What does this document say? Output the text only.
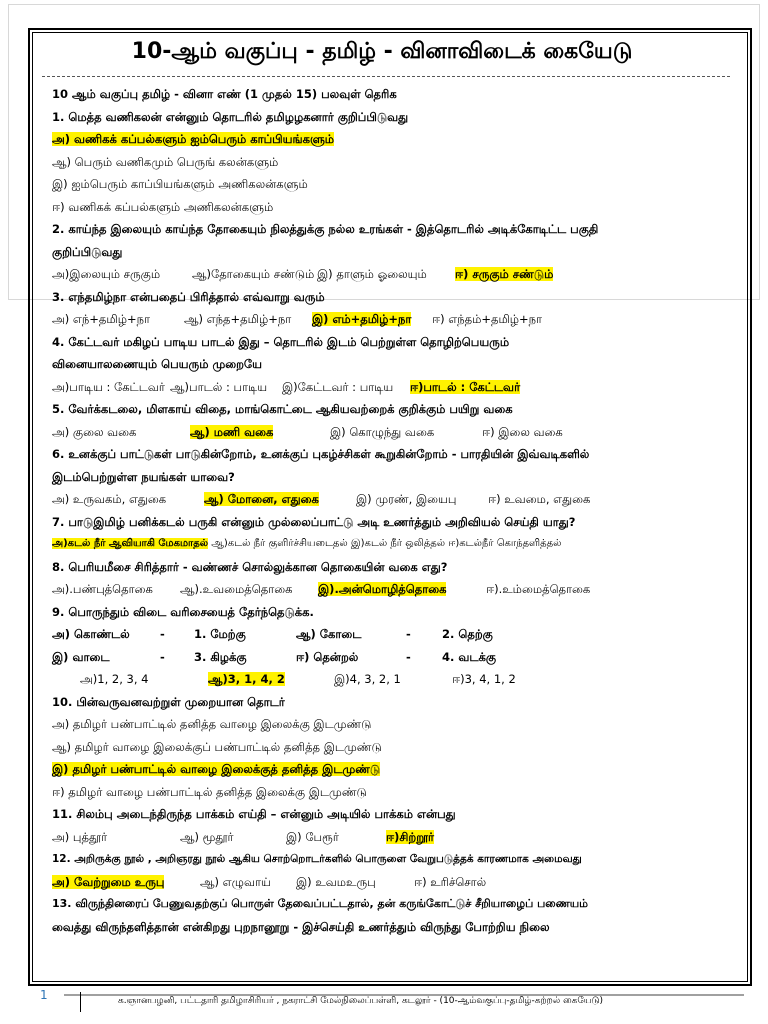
10-ஆம் வகுப்பு - தமிழ் - வினாவிடைக் கையேடு
10 ஆம் வகுப்பு தமிழ் - வினா எண் (1 முதல் 15) பலவுள் தெரிக
1. மெத்த வணிகலன் என்னும் தொடரில் தமிழழகனார் குறிப்பிடுவது
அ) வணிகக் கப்பல்களும் ஐம்பெரும் காப்பியங்களும்
ஆ) பெரும் வணிகமும் பெருங் கலன்களும்
இ) ஐம்பெரும் காப்பியங்களும் அணிகலன்களும்
ஈ) வணிகக் கப்பல்களும் அணிகலன்களும்
2. காய்ந்த இலையும் காய்ந்த தோகையும் நிலத்துக்கு நல்ல உரங்கள் - இத்தொடரில் அடிக்கோடிட்ட பகுதி
குறிப்பிடுவது
அ)இலையும் சருகும்	ஆ)தோகையும் சண்டும் இ) தாளும் ஓலையும் ஈ) சருகும் சண்டும்
3. எந்தமிழ்நா என்பதைப் பிரித்தால் எவ்வாறு வரும்
அ) எந்+தமிழ்+நா	ஆ) எந்த+தமிழ்+நா இ) எம்+தமிழ்+நா ஈ) எந்தம்+தமிழ்+நா
4. கேட்டவர் மகிழப் பாடிய பாடல் இது – தொடரில் இடம் பெற்றுள்ள தொழிற்பெயரும்
வினையாலணையும் பெயரும் முறையே
அ)பாடிய : கேட்டவர் ஆ)பாடல் : பாடிய இ)கேட்டவர் : பாடிய ஈ)பாடல் : கேட்டவர்
5. வேர்க்கடலை, மிளகாய் விதை, மாங்கொட்டை ஆகியவற்றைக் குறிக்கும் பயிறு வகை
அ) குலை வகை	ஆ) மணி வகை	இ) கொழுந்து வகை	ஈ) இலை வகை
6. உனக்குப் பாட்டுகள் பாடுகின்றோம், உனக்குப் புகழ்ச்சிகள் கூறுகின்றோம் - பாரதியின் இவ்வடிகளில்
இடம்பெற்றுள்ள நயங்கள் யாவை?
அ) உருவகம், எதுகை	ஆ) மோனை, எதுகை	இ) முரண், இயைபு	ஈ) உவமை, எதுகை
7. பாடுஇமிழ் பனிக்கடல் பருகி என்னும் முல்லைப்பாட்டு அடி உணர்த்தும் அறிவியல் செய்தி யாது?
அ)கடல் நீர் ஆவியாகி மேகமாதல் ஆ)கடல் நீர் குளிர்ச்சியடைதல் இ)கடல் நீர் ஒலித்தல் ஈ)கடல்நீர் கொந்தளித்தல்
8. பெரியமீசை சிரித்தார் - வண்ணச் சொல்லுக்கான தொகையின் வகை எது?
அ).பண்புத்தொகை ஆ).உவமைத்தொகை இ).அன்மொழித்தொகை	ஈ).உம்மைத்தொகை
9. பொருந்தும் விடை வரிசையைத் தேர்ந்தெடுக்க.
அ) கொண்டல்	-	1. மேற்கு	ஆ) கோடை	-	2. தெற்கு
இ) வாடை	-	3. கிழக்கு	ஈ) தென்றல்	-	4. வடக்கு
அ)1, 2, 3, 4	ஆ)3, 1, 4, 2	இ)4, 3, 2, 1	ஈ)3, 4, 1, 2
10. பின்வருவனவற்றுள் முறையான தொடர்
அ) தமிழர் பண்பாட்டில் தனித்த வாழை இலைக்கு இடமுண்டு
ஆ) தமிழர் வாழை இலைக்குப் பண்பாட்டில் தனித்த இடமுண்டு
இ) தமிழர் பண்பாட்டில் வாழை இலைக்குத் தனித்த இடமுண்டு
ஈ) தமிழர் வாழை பண்பாட்டில் தனித்த இலைக்கு இடமுண்டு
11. சிலம்பு அடைந்திருந்த பாக்கம் எய்தி – என்னும் அடியில் பாக்கம் என்பது
அ) புத்தூர்	ஆ) மூதூர்	இ) பேரூர்	ஈ)சிற்றூர்
12. அறிருக்கு நூல் , அறிஞரது நூல் ஆகிய சொற்றொடர்களில் பொருளை வேறுபடுத்தக் காரணமாக அமைவது
அ) வேற்றுமை உருபு	ஆ) எழுவாய் இ) உவமஉருபு	ஈ) உரிச்சொல்
13. விருந்தினரைப் பேணுவதற்குப் பொருள் தேவைப்பட்டதால், தன் கருங்கோட்டுச் சீறியாழைப் பணையம்
வைத்து விருந்தளித்தான் என்கிறது புறநானூறு - இச்செய்தி உணர்த்தும் விருந்து போற்றிய நிலை
1	க.ஞானபழனி, பட்டதாரி தமிழாசிரியர் , நகராட்சி மேல்நிலைப்பள்ளி, கடலூர் - (10-ஆம்வகுப்பு-தமிழ்-கற்றல் கையேடு)
